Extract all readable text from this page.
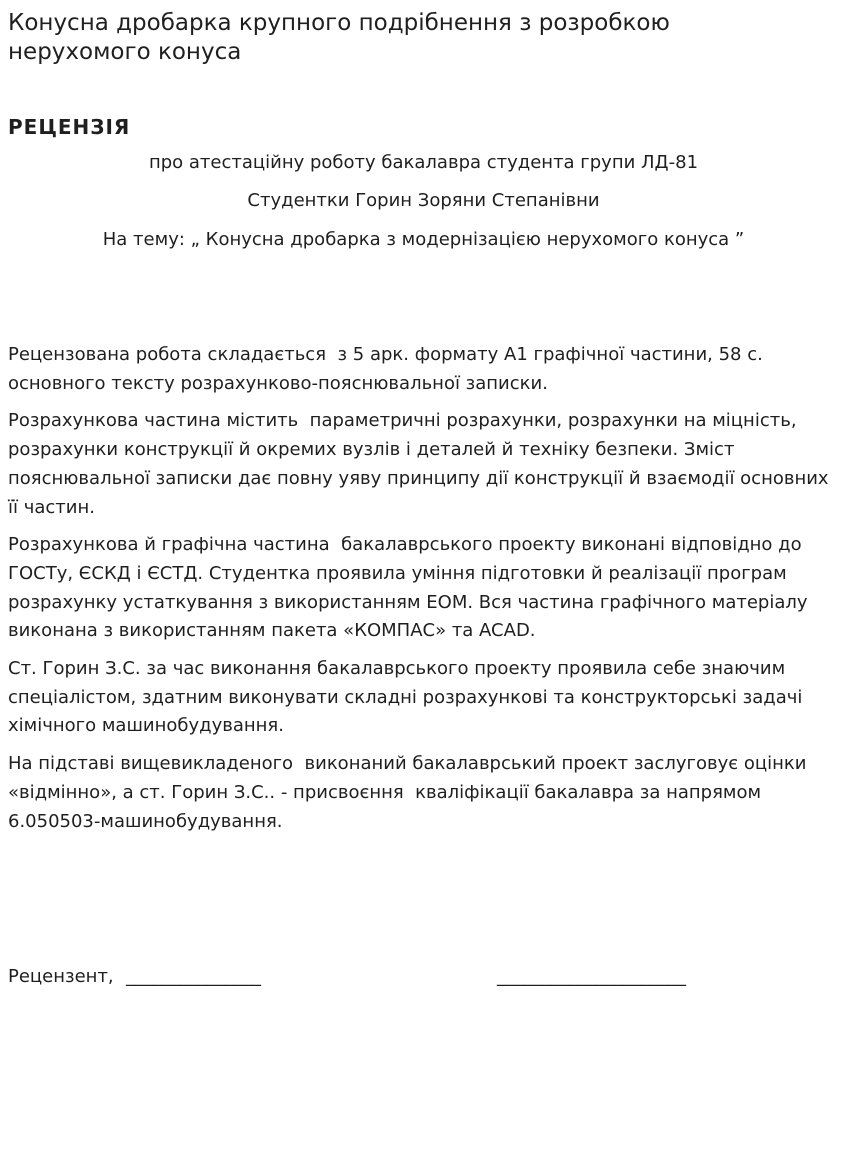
Конусна дробарка крупного подрібнення з розробкою нерухомого конуса
РЕЦЕНЗІЯ

про атестаційну роботу бакалавра студента групи ЛД-81

Студентки Горин Зоряни Степанівни

На тему: „ Конусна дробарка з модернізацією нерухомого конуса ”

Рецензована робота складається  з 5 арк. формату А1 графічної частини, 58 с. основного тексту розрахунково-пояснювальної записки.

Розрахункова частина містить  параметричні розрахунки, розрахунки на міцність, розрахунки конструкції й окремих вузлів і деталей й техніку безпеки. Зміст пояснювальної записки дає повну уяву принципу дії конструкції й взаємодії основних її частин.

Розрахункова й графічна частина  бакалаврського проекту виконані відповідно до ГОСТу, ЄСКД і ЄСТД. Студентка проявила уміння підготовки й реалізації програм розрахунку устаткування з використанням ЕОМ. Вся частина графічного матеріалу виконана з використанням пакета «КОМПАС» та ACAD.

Ст. Горин З.С. за час виконання бакалаврського проекту проявила себе знаючим спеціалістом, здатним виконувати складні розрахункові та конструкторські задачі хімічного машинобудування.

На підставі вищевикладеного  виконаний бакалаврський проект заслуговує оцінки «відмінно», а ст. Горин З.С.. - присвоєння  кваліфікації бакалавра за напрямом 6.050503-машинобудування.

Рецензент, _______________	_____________________
